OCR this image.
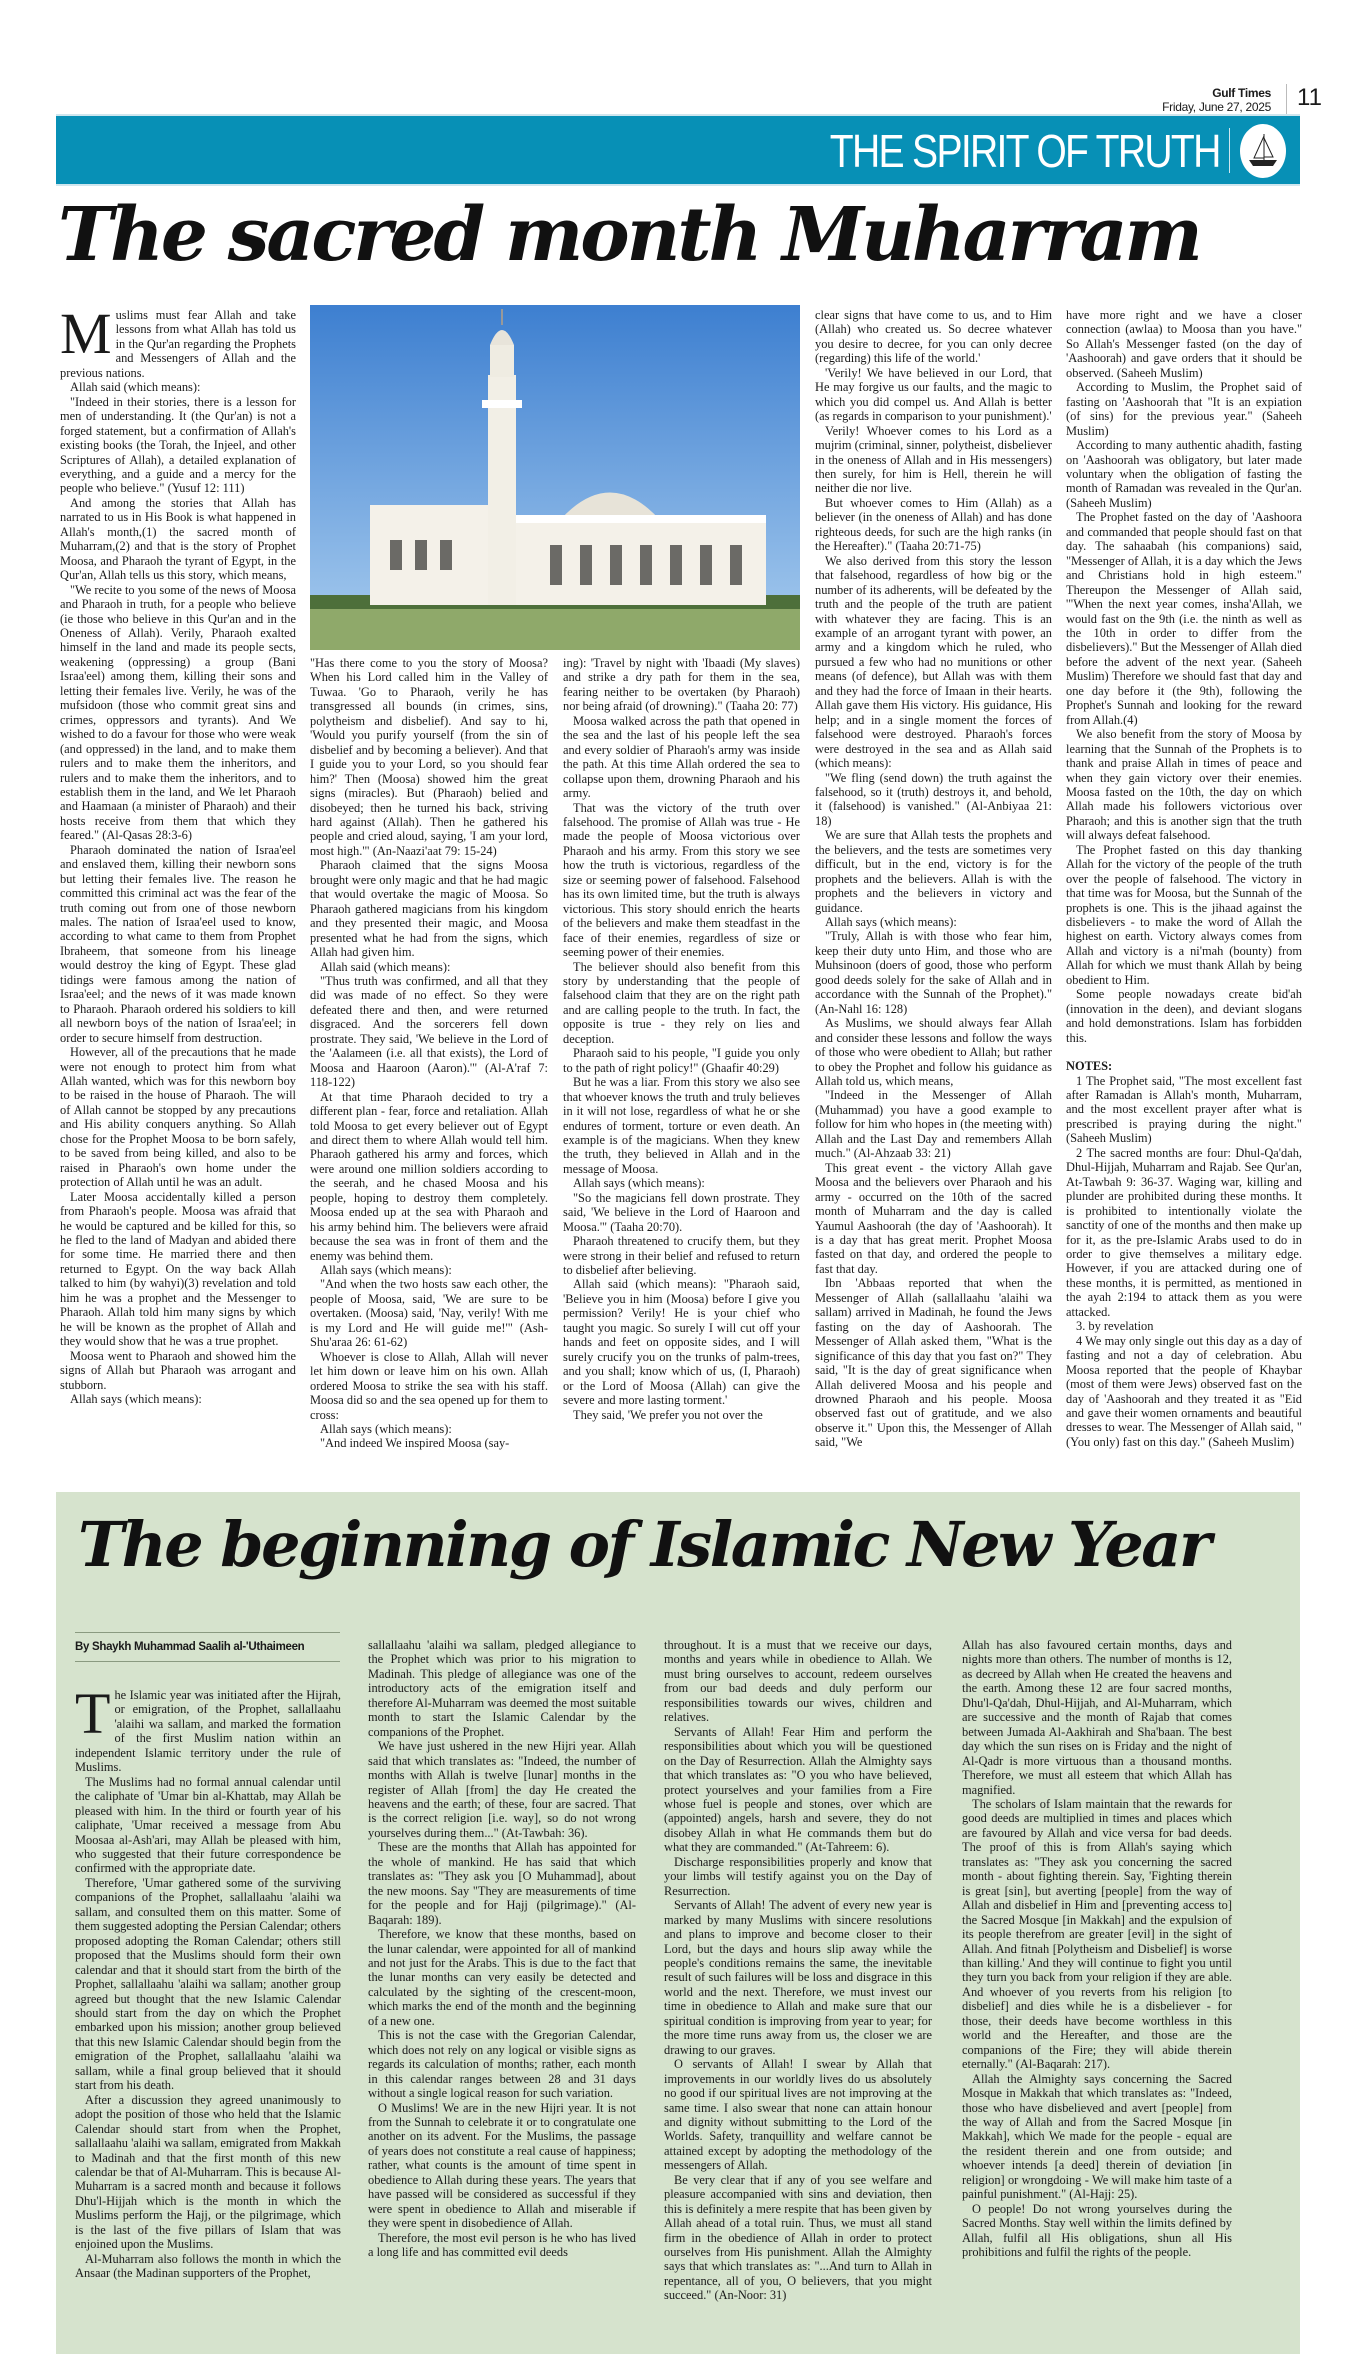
Gulf Times
Friday, June 27, 2025	11
THE SPIRIT OF TRUTH
The sacred month Muharram

Muslims must fear Allah and take lessons from what Allah has told us in the Qur'an regarding the Prophets and Messengers of Allah and the previous nations.

Allah said (which means):

"Indeed in their stories, there is a lesson for men of understanding. It (the Qur'an) is not a forged statement, but a confirmation of Allah's existing books (the Torah, the Injeel, and other Scriptures of Allah), a detailed explanation of everything, and a guide and a mercy for the people who believe." (Yusuf 12: 111)

And among the stories that Allah has narrated to us in His Book is what happened in Allah's month,(1) the sacred month of Muharram,(2) and that is the story of Prophet Moosa, and Pharaoh the tyrant of Egypt, in the Qur'an, Allah tells us this story, which means,

"We recite to you some of the news of Moosa and Pharaoh in truth, for a people who believe (ie those who believe in this Qur'an and in the Oneness of Allah). Verily, Pharaoh exalted himself in the land and made its people sects, weakening (oppressing) a group (Bani Israa'eel) among them, killing their sons and letting their females live. Verily, he was of the mufsidoon (those who commit great sins and crimes, oppressors and tyrants). And We wished to do a favour for those who were weak (and oppressed) in the land, and to make them rulers and to make them the inheritors, and rulers and to make them the inheritors, and to establish them in the land, and We let Pharaoh and Haamaan (a minister of Pharaoh) and their hosts receive from them that which they feared." (Al-Qasas 28:3-6)

Pharaoh dominated the nation of Israa'eel and enslaved them, killing their newborn sons but letting their females live. The reason he committed this criminal act was the fear of the truth coming out from one of those newborn males. The nation of Israa'eel used to know, according to what came to them from Prophet Ibraheem, that someone from his lineage would destroy the king of Egypt. These glad tidings were famous among the nation of Israa'eel; and the news of it was made known to Pharaoh. Pharaoh ordered his soldiers to kill all newborn boys of the nation of Israa'eel; in order to secure himself from destruction.

However, all of the precautions that he made were not enough to protect him from what Allah wanted, which was for this newborn boy to be raised in the house of Pharaoh. The will of Allah cannot be stopped by any precautions and His ability conquers anything. So Allah chose for the Prophet Moosa to be born safely, to be saved from being killed, and also to be raised in Pharaoh's own home under the protection of Allah until he was an adult.

Later Moosa accidentally killed a person from Pharaoh's people. Moosa was afraid that he would be captured and be killed for this, so he fled to the land of Madyan and abided there for some time. He married there and then returned to Egypt. On the way back Allah talked to him (by wahyi)(3) revelation and told him he was a prophet and the Messenger to Pharaoh. Allah told him many signs by which he will be known as the prophet of Allah and they would show that he was a true prophet.

Moosa went to Pharaoh and showed him the signs of Allah but Pharaoh was arrogant and stubborn.

Allah says (which means):

"Has there come to you the story of Moosa? When his Lord called him in the Valley of Tuwaa. 'Go to Pharaoh, verily he has transgressed all bounds (in crimes, sins, polytheism and disbelief). And say to hi, 'Would you purify yourself (from the sin of disbelief and by becoming a believer). And that I guide you to your Lord, so you should fear him?' Then (Moosa) showed him the great signs (miracles). But (Pharaoh) belied and disobeyed; then he turned his back, striving hard against (Allah). Then he gathered his people and cried aloud, saying, 'I am your lord, most high.'" (An-Naazi'aat 79: 15-24)

Pharaoh claimed that the signs Moosa brought were only magic and that he had magic that would overtake the magic of Moosa. So Pharaoh gathered magicians from his kingdom and they presented their magic, and Moosa presented what he had from the signs, which Allah had given him.

Allah said (which means):

"Thus truth was confirmed, and all that they did was made of no effect. So they were defeated there and then, and were returned disgraced. And the sorcerers fell down prostrate. They said, 'We believe in the Lord of the 'Aalameen (i.e. all that exists), the Lord of Moosa and Haaroon (Aaron).'" (Al-A'raf 7: 118-122)

At that time Pharaoh decided to try a different plan - fear, force and retaliation. Allah told Moosa to get every believer out of Egypt and direct them to where Allah would tell him. Pharaoh gathered his army and forces, which were around one million soldiers according to the seerah, and he chased Moosa and his people, hoping to destroy them completely. Moosa ended up at the sea with Pharaoh and his army behind him. The believers were afraid because the sea was in front of them and the enemy was behind them.

Allah says (which means):

"And when the two hosts saw each other, the people of Moosa, said, 'We are sure to be overtaken. (Moosa) said, 'Nay, verily! With me is my Lord and He will guide me!'" (Ash-Shu'araa 26: 61-62)

Whoever is close to Allah, Allah will never let him down or leave him on his own. Allah ordered Moosa to strike the sea with his staff. Moosa did so and the sea opened up for them to cross:

Allah says (which means):

"And indeed We inspired Moosa (say-

ing): 'Travel by night with 'Ibaadi (My slaves) and strike a dry path for them in the sea, fearing neither to be overtaken (by Pharaoh) nor being afraid (of drowning)." (Taaha 20: 77)

Moosa walked across the path that opened in the sea and the last of his people left the sea and every soldier of Pharaoh's army was inside the path. At this time Allah ordered the sea to collapse upon them, drowning Pharaoh and his army.

That was the victory of the truth over falsehood. The promise of Allah was true - He made the people of Moosa victorious over Pharaoh and his army. From this story we see how the truth is victorious, regardless of the size or seeming power of falsehood. Falsehood has its own limited time, but the truth is always victorious. This story should enrich the hearts of the believers and make them steadfast in the face of their enemies, regardless of size or seeming power of their enemies.

The believer should also benefit from this story by understanding that the people of falsehood claim that they are on the right path and are calling people to the truth. In fact, the opposite is true - they rely on lies and deception.

Pharaoh said to his people, "I guide you only to the path of right policy!" (Ghaafir 40:29)

But he was a liar. From this story we also see that whoever knows the truth and truly believes in it will not lose, regardless of what he or she endures of torment, torture or even death. An example is of the magicians. When they knew the truth, they believed in Allah and in the message of Moosa.

Allah says (which means):

"So the magicians fell down prostrate. They said, 'We believe in the Lord of Haaroon and Moosa.'" (Taaha 20:70).

Pharaoh threatened to crucify them, but they were strong in their belief and refused to return to disbelief after believing.

Allah said (which means): "Pharaoh said, 'Believe you in him (Moosa) before I give you permission? Verily! He is your chief who taught you magic. So surely I will cut off your hands and feet on opposite sides, and I will surely crucify you on the trunks of palm-trees, and you shall; know which of us, (I, Pharaoh) or the Lord of Moosa (Allah) can give the severe and more lasting torment.'

They said, 'We prefer you not over the

clear signs that have come to us, and to Him (Allah) who created us. So decree whatever you desire to decree, for you can only decree (regarding) this life of the world.'

'Verily! We have believed in our Lord, that He may forgive us our faults, and the magic to which you did compel us. And Allah is better (as regards in comparison to your punishment).'

Verily! Whoever comes to his Lord as a mujrim (criminal, sinner, polytheist, disbeliever in the oneness of Allah and in His messengers) then surely, for him is Hell, therein he will neither die nor live.

But whoever comes to Him (Allah) as a believer (in the oneness of Allah) and has done righteous deeds, for such are the high ranks (in the Hereafter)." (Taaha 20:71-75)

We also derived from this story the lesson that falsehood, regardless of how big or the number of its adherents, will be defeated by the truth and the people of the truth are patient with whatever they are facing. This is an example of an arrogant tyrant with power, an army and a kingdom which he ruled, who pursued a few who had no munitions or other means (of defence), but Allah was with them and they had the force of Imaan in their hearts. Allah gave them His victory. His guidance, His help; and in a single moment the forces of falsehood were destroyed. Pharaoh's forces were destroyed in the sea and as Allah said (which means):

"We fling (send down) the truth against the falsehood, so it (truth) destroys it, and behold, it (falsehood) is vanished." (Al-Anbiyaa 21: 18)

We are sure that Allah tests the prophets and the believers, and the tests are sometimes very difficult, but in the end, victory is for the prophets and the believers. Allah is with the prophets and the believers in victory and guidance.

Allah says (which means):

"Truly, Allah is with those who fear him, keep their duty unto Him, and those who are Muhsinoon (doers of good, those who perform good deeds solely for the sake of Allah and in accordance with the Sunnah of the Prophet)." (An-Nahl 16: 128)

As Muslims, we should always fear Allah and consider these lessons and follow the ways of those who were obedient to Allah; but rather to obey the Prophet and follow his guidance as Allah told us, which means,

"Indeed in the Messenger of Allah (Muhammad) you have a good example to follow for him who hopes in (the meeting with) Allah and the Last Day and remembers Allah much." (Al-Ahzaab 33: 21)

This great event - the victory Allah gave Moosa and the believers over Pharaoh and his army - occurred on the 10th of the sacred month of Muharram and the day is called Yaumul Aashoorah (the day of 'Aashoorah). It is a day that has great merit. Prophet Moosa fasted on that day, and ordered the people to fast that day.

Ibn 'Abbaas reported that when the Messenger of Allah (sallallaahu 'alaihi wa sallam) arrived in Madinah, he found the Jews fasting on the day of Aashoorah. The Messenger of Allah asked them, "What is the significance of this day that you fast on?" They said, "It is the day of great significance when Allah delivered Moosa and his people and drowned Pharaoh and his people. Moosa observed fast out of gratitude, and we also observe it." Upon this, the Messenger of Allah said, "We

have more right and we have a closer connection (awlaa) to Moosa than you have." So Allah's Messenger fasted (on the day of 'Aashoorah) and gave orders that it should be observed. (Saheeh Muslim)

According to Muslim, the Prophet said of fasting on 'Aashoorah that "It is an expiation (of sins) for the previous year." (Saheeh Muslim)

According to many authentic ahadith, fasting on 'Aashoorah was obligatory, but later made voluntary when the obligation of fasting the month of Ramadan was revealed in the Qur'an. (Saheeh Muslim)

The Prophet fasted on the day of 'Aashoora and commanded that people should fast on that day. The sahaabah (his companions) said, "Messenger of Allah, it is a day which the Jews and Christians hold in high esteem." Thereupon the Messenger of Allah said, '"When the next year comes, insha'Allah, we would fast on the 9th (i.e. the ninth as well as the 10th in order to differ from the disbelievers)." But the Messenger of Allah died before the advent of the next year. (Saheeh Muslim) Therefore we should fast that day and one day before it (the 9th), following the Prophet's Sunnah and looking for the reward from Allah.(4)

We also benefit from the story of Moosa by learning that the Sunnah of the Prophets is to thank and praise Allah in times of peace and when they gain victory over their enemies. Moosa fasted on the 10th, the day on which Allah made his followers victorious over Pharaoh; and this is another sign that the truth will always defeat falsehood.

The Prophet fasted on this day thanking Allah for the victory of the people of the truth over the people of falsehood. The victory in that time was for Moosa, but the Sunnah of the prophets is one. This is the jihaad against the disbelievers - to make the word of Allah the highest on earth. Victory always comes from Allah and victory is a ni'mah (bounty) from Allah for which we must thank Allah by being obedient to Him.

Some people nowadays create bid'ah (innovation in the deen), and deviant slogans and hold demonstrations. Islam has forbidden this.

NOTES:

1 The Prophet said, "The most excellent fast after Ramadan is Allah's month, Muharram, and the most excellent prayer after what is prescribed is praying during the night." (Saheeh Muslim)

2 The sacred months are four: Dhul-Qa'dah, Dhul-Hijjah, Muharram and Rajab. See Qur'an, At-Tawbah 9: 36-37. Waging war, killing and plunder are prohibited during these months. It is prohibited to intentionally violate the sanctity of one of the months and then make up for it, as the pre-Islamic Arabs used to do in order to give themselves a military edge. However, if you are attacked during one of these months, it is permitted, as mentioned in the ayah 2:194 to attack them as you were attacked.

3. by revelation

4 We may only single out this day as a day of fasting and not a day of celebration. Abu Moosa reported that the people of Khaybar (most of them were Jews) observed fast on the day of 'Aashoorah and they treated it as "Eid and gave their women ornaments and beautiful dresses to wear. The Messenger of Allah said, "(You only) fast on this day." (Saheeh Muslim)

The beginning of Islamic New Year
By Shaykh Muhammad Saalih al-'Uthaimeen

The Islamic year was initiated after the Hijrah, or emigration, of the Prophet, sallallaahu 'alaihi wa sallam, and marked the formation of the first Muslim nation within an independent Islamic territory under the rule of Muslims.

The Muslims had no formal annual calendar until the caliphate of 'Umar bin al-Khattab, may Allah be pleased with him. In the third or fourth year of his caliphate, 'Umar received a message from Abu Moosaa al-Ash'ari, may Allah be pleased with him, who suggested that their future correspondence be confirmed with the appropriate date.

Therefore, 'Umar gathered some of the surviving companions of the Prophet, sallallaahu 'alaihi wa sallam, and consulted them on this matter. Some of them suggested adopting the Persian Calendar; others proposed adopting the Roman Calendar; others still proposed that the Muslims should form their own calendar and that it should start from the birth of the Prophet, sallallaahu 'alaihi wa sallam; another group agreed but thought that the new Islamic Calendar should start from the day on which the Prophet embarked upon his mission; another group believed that this new Islamic Calendar should begin from the emigration of the Prophet, sallallaahu 'alaihi wa sallam, while a final group believed that it should start from his death.

After a discussion they agreed unanimously to adopt the position of those who held that the Islamic Calendar should start from when the Prophet, sallallaahu 'alaihi wa sallam, emigrated from Makkah to Madinah and that the first month of this new calendar be that of Al-Muharram. This is because Al-Muharram is a sacred month and because it follows Dhu'l-Hijjah which is the month in which the Muslims perform the Hajj, or the pilgrimage, which is the last of the five pillars of Islam that was enjoined upon the Muslims.

Al-Muharram also follows the month in which the Ansaar (the Madinan supporters of the Prophet,

sallallaahu 'alaihi wa sallam, pledged allegiance to the Prophet which was prior to his migration to Madinah. This pledge of allegiance was one of the introductory acts of the emigration itself and therefore Al-Muharram was deemed the most suitable month to start the Islamic Calendar by the companions of the Prophet.

We have just ushered in the new Hijri year. Allah said that which translates as: "Indeed, the number of months with Allah is twelve [lunar] months in the register of Allah [from] the day He created the heavens and the earth; of these, four are sacred. That is the correct religion [i.e. way], so do not wrong yourselves during them..." (At-Tawbah: 36).

These are the months that Allah has appointed for the whole of mankind. He has said that which translates as: "They ask you [O Muhammad], about the new moons. Say "They are measurements of time for the people and for Hajj (pilgrimage)." (Al-Baqarah: 189).

Therefore, we know that these months, based on the lunar calendar, were appointed for all of mankind and not just for the Arabs. This is due to the fact that the lunar months can very easily be detected and calculated by the sighting of the crescent-moon, which marks the end of the month and the beginning of a new one.

This is not the case with the Gregorian Calendar, which does not rely on any logical or visible signs as regards its calculation of months; rather, each month in this calendar ranges between 28 and 31 days without a single logical reason for such variation.

O Muslims! We are in the new Hijri year. It is not from the Sunnah to celebrate it or to congratulate one another on its advent. For the Muslims, the passage of years does not constitute a real cause of happiness; rather, what counts is the amount of time spent in obedience to Allah during these years. The years that have passed will be considered as successful if they were spent in obedience to Allah and miserable if they were spent in disobedience of Allah.

Therefore, the most evil person is he who has lived a long life and has committed evil deeds

throughout. It is a must that we receive our days, months and years while in obedience to Allah. We must bring ourselves to account, redeem ourselves from our bad deeds and duly perform our responsibilities towards our wives, children and relatives.

Servants of Allah! Fear Him and perform the responsibilities about which you will be questioned on the Day of Resurrection. Allah the Almighty says that which translates as: "O you who have believed, protect yourselves and your families from a Fire whose fuel is people and stones, over which are (appointed) angels, harsh and severe, they do not disobey Allah in what He commands them but do what they are commanded." (At-Tahreem: 6).

Discharge responsibilities properly and know that your limbs will testify against you on the Day of Resurrection.

Servants of Allah! The advent of every new year is marked by many Muslims with sincere resolutions and plans to improve and become closer to their Lord, but the days and hours slip away while the people's conditions remains the same, the inevitable result of such failures will be loss and disgrace in this world and the next. Therefore, we must invest our time in obedience to Allah and make sure that our spiritual condition is improving from year to year; for the more time runs away from us, the closer we are drawing to our graves.

O servants of Allah! I swear by Allah that improvements in our worldly lives do us absolutely no good if our spiritual lives are not improving at the same time. I also swear that none can attain honour and dignity without submitting to the Lord of the Worlds. Safety, tranquillity and welfare cannot be attained except by adopting the methodology of the messengers of Allah.

Be very clear that if any of you see welfare and pleasure accompanied with sins and deviation, then this is definitely a mere respite that has been given by Allah ahead of a total ruin. Thus, we must all stand firm in the obedience of Allah in order to protect ourselves from His punishment. Allah the Almighty says that which translates as: "...And turn to Allah in repentance, all of you, O believers, that you might succeed." (An-Noor: 31)

Allah has also favoured certain months, days and nights more than others. The number of months is 12, as decreed by Allah when He created the heavens and the earth. Among these 12 are four sacred months, Dhu'l-Qa'dah, Dhul-Hijjah, and Al-Muharram, which are successive and the month of Rajab that comes between Jumada Al-Aakhirah and Sha'baan. The best day which the sun rises on is Friday and the night of Al-Qadr is more virtuous than a thousand months. Therefore, we must all esteem that which Allah has magnified.

The scholars of Islam maintain that the rewards for good deeds are multiplied in times and places which are favoured by Allah and vice versa for bad deeds. The proof of this is from Allah's saying which translates as: "They ask you concerning the sacred month - about fighting therein. Say, 'Fighting therein is great [sin], but averting [people] from the way of Allah and disbelief in Him and [preventing access to] the Sacred Mosque [in Makkah] and the expulsion of its people therefrom are greater [evil] in the sight of Allah. And fitnah [Polytheism and Disbelief] is worse than killing.' And they will continue to fight you until they turn you back from your religion if they are able. And whoever of you reverts from his religion [to disbelief] and dies while he is a disbeliever - for those, their deeds have become worthless in this world and the Hereafter, and those are the companions of the Fire; they will abide therein eternally." (Al-Baqarah: 217).

Allah the Almighty says concerning the Sacred Mosque in Makkah that which translates as: "Indeed, those who have disbelieved and avert [people] from the way of Allah and from the Sacred Mosque [in Makkah], which We made for the people - equal are the resident therein and one from outside; and whoever intends [a deed] therein of deviation [in religion] or wrongdoing - We will make him taste of a painful punishment." (Al-Hajj: 25).

O people! Do not wrong yourselves during the Sacred Months. Stay well within the limits defined by Allah, fulfil all His obligations, shun all His prohibitions and fulfil the rights of the people.
